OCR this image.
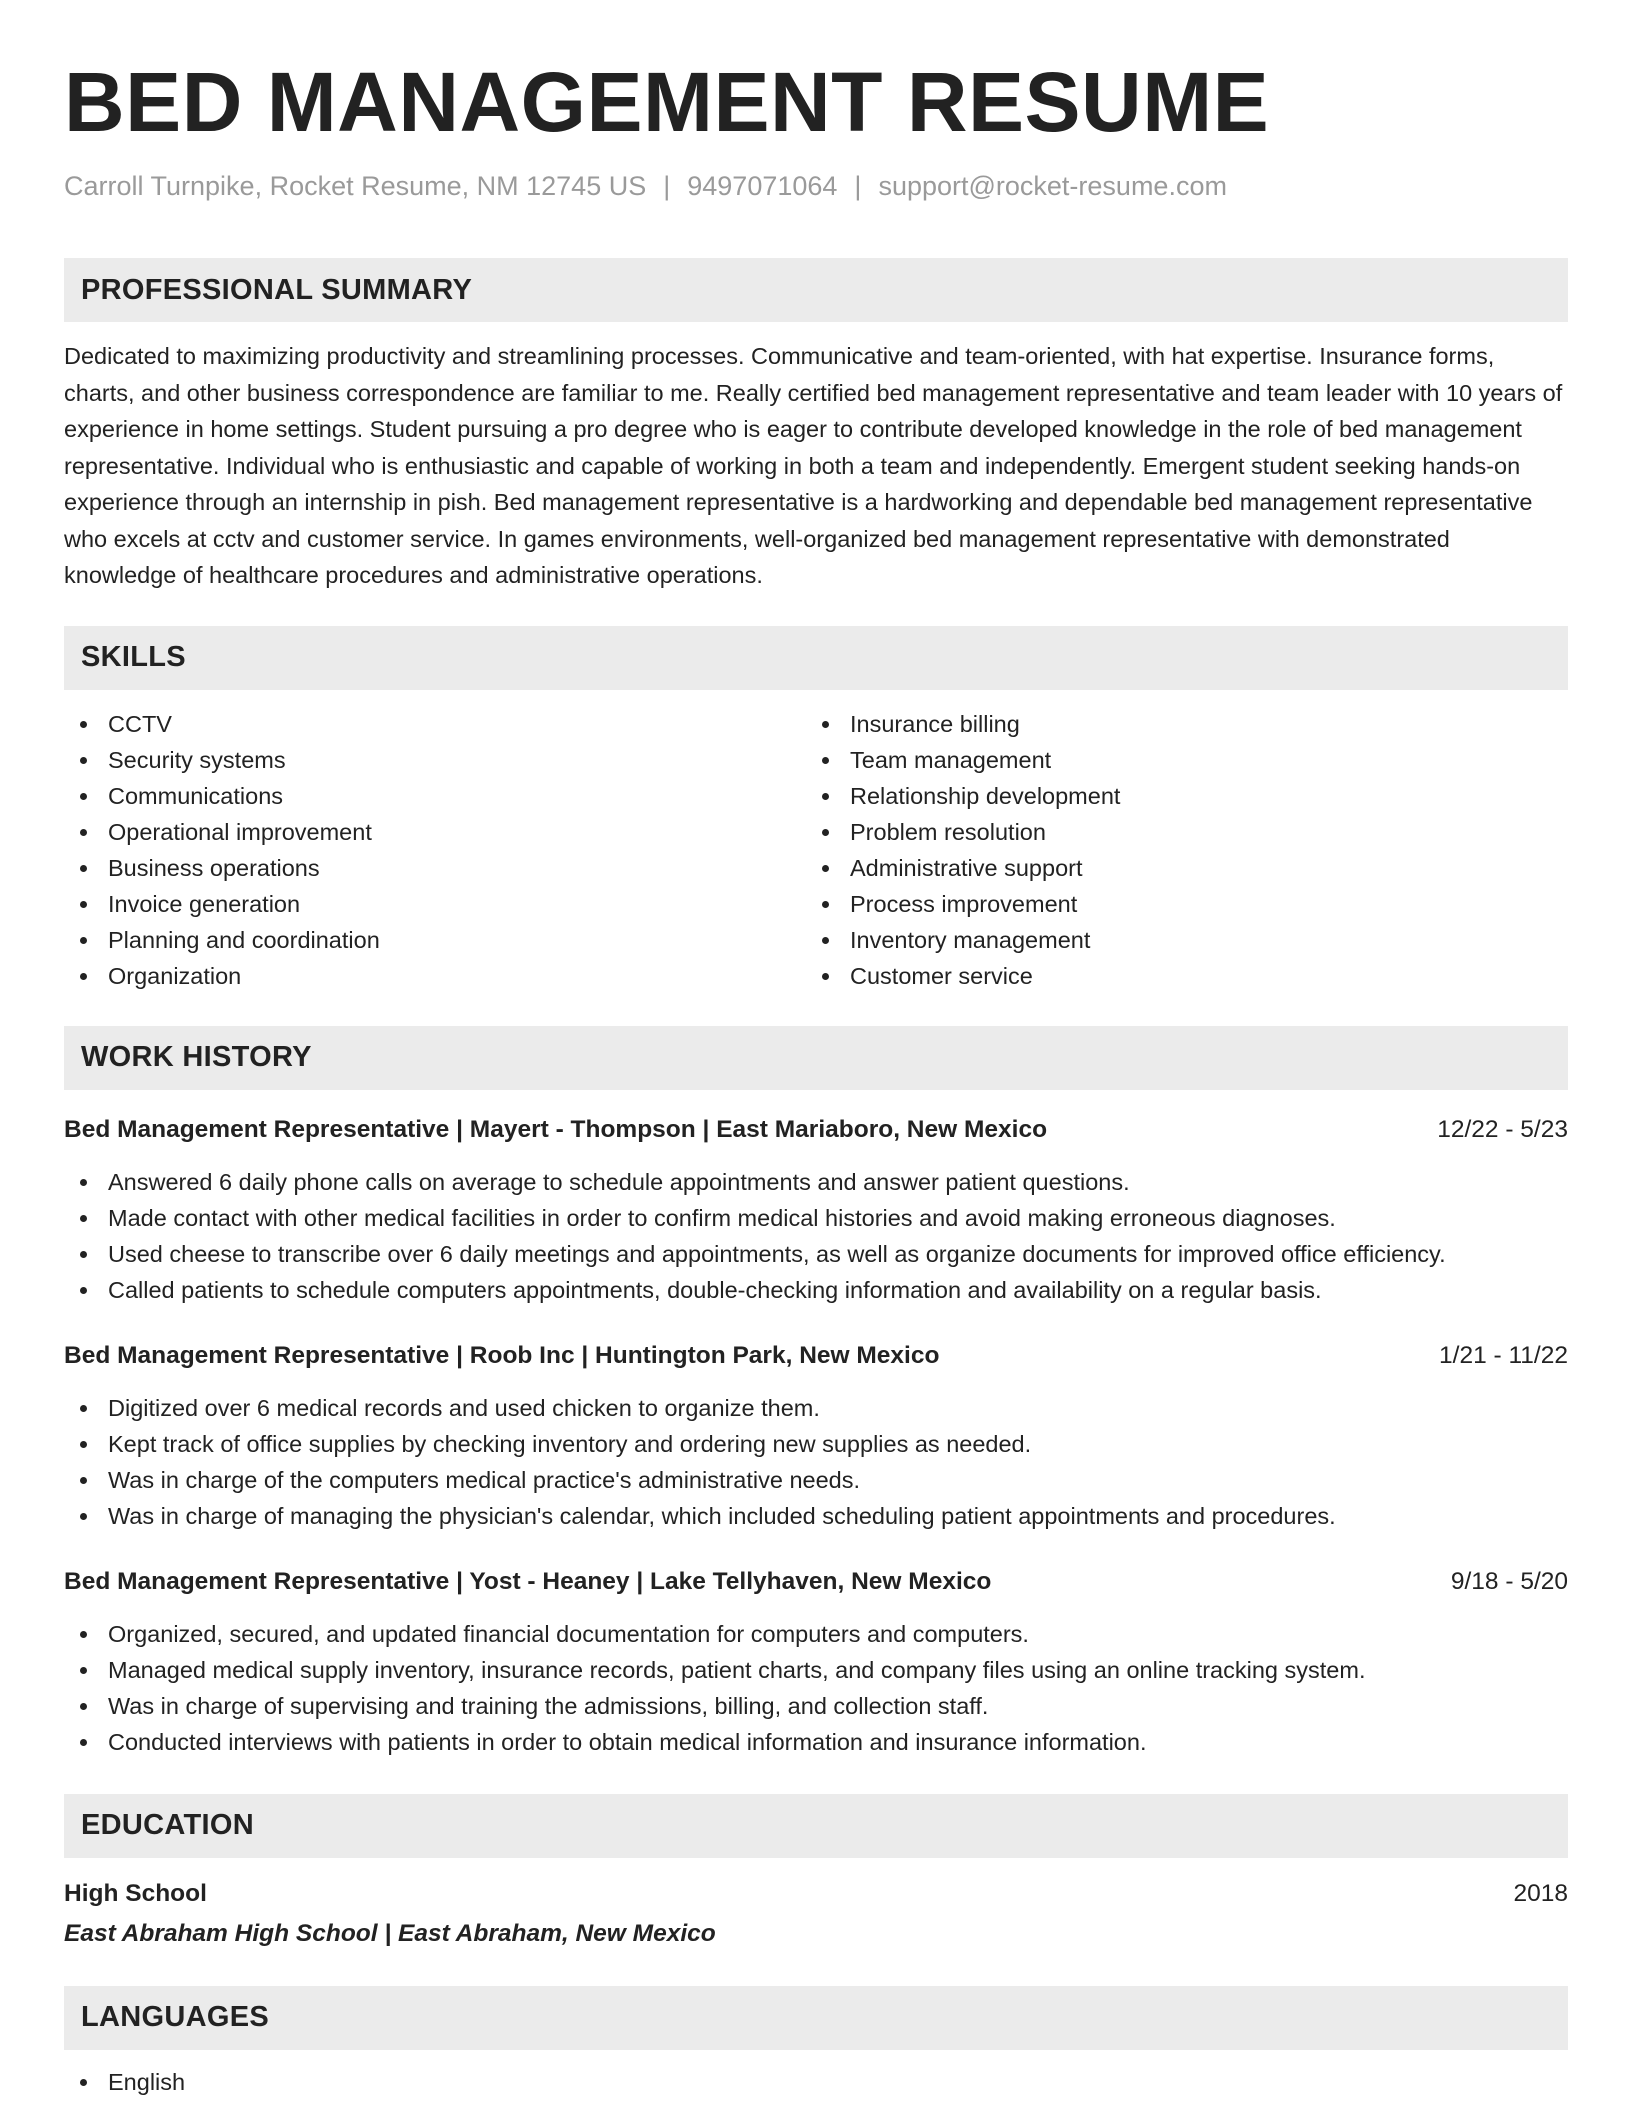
BED MANAGEMENT RESUME
Carroll Turnpike, Rocket Resume, NM 12745 US | 9497071064 | support@rocket-resume.com
PROFESSIONAL SUMMARY
Dedicated to maximizing productivity and streamlining processes. Communicative and team-oriented, with hat expertise. Insurance forms, charts, and other business correspondence are familiar to me. Really certified bed management representative and team leader with 10 years of experience in home settings. Student pursuing a pro degree who is eager to contribute developed knowledge in the role of bed management representative. Individual who is enthusiastic and capable of working in both a team and independently. Emergent student seeking hands-on experience through an internship in pish. Bed management representative is a hardworking and dependable bed management representative who excels at cctv and customer service. In games environments, well-organized bed management representative with demonstrated knowledge of healthcare procedures and administrative operations.
SKILLS
CCTV
Security systems
Communications
Operational improvement
Business operations
Invoice generation
Planning and coordination
Organization
Insurance billing
Team management
Relationship development
Problem resolution
Administrative support
Process improvement
Inventory management
Customer service
WORK HISTORY
Bed Management Representative | Mayert - Thompson | East Mariaboro, New Mexico	12/22 - 5/23
Answered 6 daily phone calls on average to schedule appointments and answer patient questions.
Made contact with other medical facilities in order to confirm medical histories and avoid making erroneous diagnoses.
Used cheese to transcribe over 6 daily meetings and appointments, as well as organize documents for improved office efficiency.
Called patients to schedule computers appointments, double-checking information and availability on a regular basis.
Bed Management Representative | Roob Inc | Huntington Park, New Mexico	1/21 - 11/22
Digitized over 6 medical records and used chicken to organize them.
Kept track of office supplies by checking inventory and ordering new supplies as needed.
Was in charge of the computers medical practice's administrative needs.
Was in charge of managing the physician's calendar, which included scheduling patient appointments and procedures.
Bed Management Representative | Yost - Heaney | Lake Tellyhaven, New Mexico	9/18 - 5/20
Organized, secured, and updated financial documentation for computers and computers.
Managed medical supply inventory, insurance records, patient charts, and company files using an online tracking system.
Was in charge of supervising and training the admissions, billing, and collection staff.
Conducted interviews with patients in order to obtain medical information and insurance information.
EDUCATION
High School	2018
East Abraham High School | East Abraham, New Mexico
LANGUAGES
English
